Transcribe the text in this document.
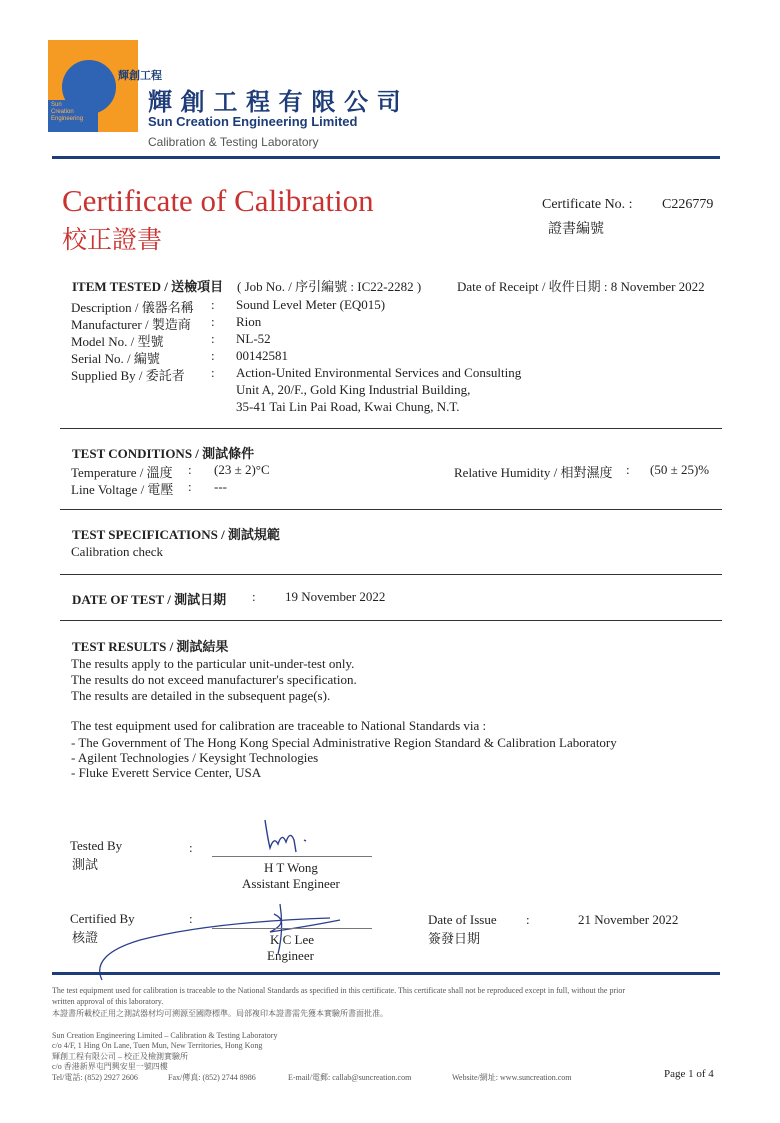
輝創工程
Sun
Creation
Engineering
輝 創 工 程 有 限 公 司
Sun Creation Engineering Limited
Calibration & Testing Laboratory
Certificate of Calibration
校正證書
Certificate No. : C226779
證書編號
ITEM TESTED / 送檢項目 ( Job No. / 序引編號 : IC22-2282 )	Date of Receipt / 收件日期 : 8 November 2022
Description / 儀器名稱 : Sound Level Meter (EQ015)
Manufacturer / 製造商 : Rion
Model No. / 型號	: NL-52
Serial No. / 編號	: 00142581
Supplied By / 委託者 : Action-United Environmental Services and Consulting
Unit A, 20/F., Gold King Industrial Building,
35-41 Tai Lin Pai Road, Kwai Chung, N.T.
TEST CONDITIONS / 測試條件
Temperature / 溫度 : (23 ± 2)°C	Relative Humidity / 相對濕度 : (50 ± 25)%
Line Voltage / 電壓 : ---
TEST SPECIFICATIONS / 測試規範
Calibration check
DATE OF TEST / 測試日期 : 19 November 2022
TEST RESULTS / 測試結果
The results apply to the particular unit-under-test only.
The results do not exceed manufacturer's specification.
The results are detailed in the subsequent page(s).
The test equipment used for calibration are traceable to National Standards via :
- The Government of The Hong Kong Special Administrative Region Standard & Calibration Laboratory
- Agilent Technologies / Keysight Technologies
- Fluke Everett Service Center, USA
Tested By
測試
:
H T Wong
Assistant Engineer
Certified By
核證
:
K C Lee
Engineer
Date of Issue
簽發日期
:	21 November 2022
The test equipment used for calibration is traceable to the National Standards as specified in this certificate. This certificate shall not be reproduced except in full, without the prior
written approval of this laboratory.
本證書所載校正用之測試器材均可溯源至國際標準。局部複印本證書需先獲本實驗所書面批准。
Sun Creation Engineering Limited – Calibration & Testing Laboratory
c/o 4/F, 1 Hing On Lane, Tuen Mun, New Territories, Hong Kong
輝創工程有限公司 – 校正及檢測實驗所
c/o 香港新界屯門興安里一號四樓
Tel/電話: (852) 2927 2606	Fax/傳真: (852) 2744 8986	E-mail/電郵: callab@suncreation.com	Website/網址: www.suncreation.com	Page 1 of 4
